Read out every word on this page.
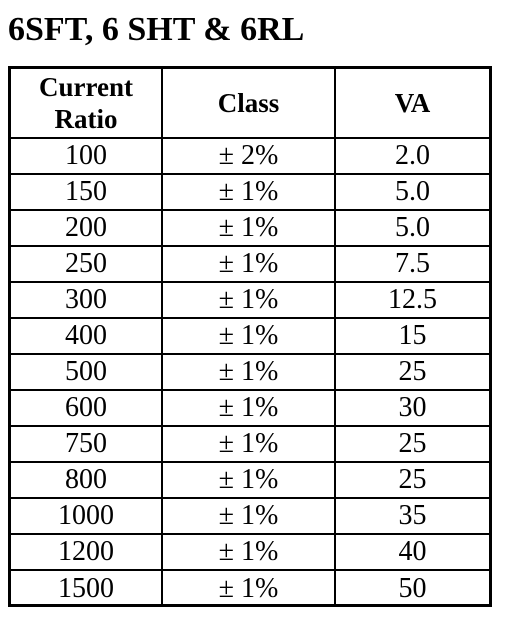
6SFT, 6 SHT & 6RL
Current
Ratio	Class	VA
100	± 2%	2.0
150	± 1%	5.0
200	± 1%	5.0
250	± 1%	7.5
300	± 1%	12.5
400	± 1%	15
500	± 1%	25
600	± 1%	30
750	± 1%	25
800	± 1%	25
1000	± 1%	35
1200	± 1%	40
1500	± 1%	50
